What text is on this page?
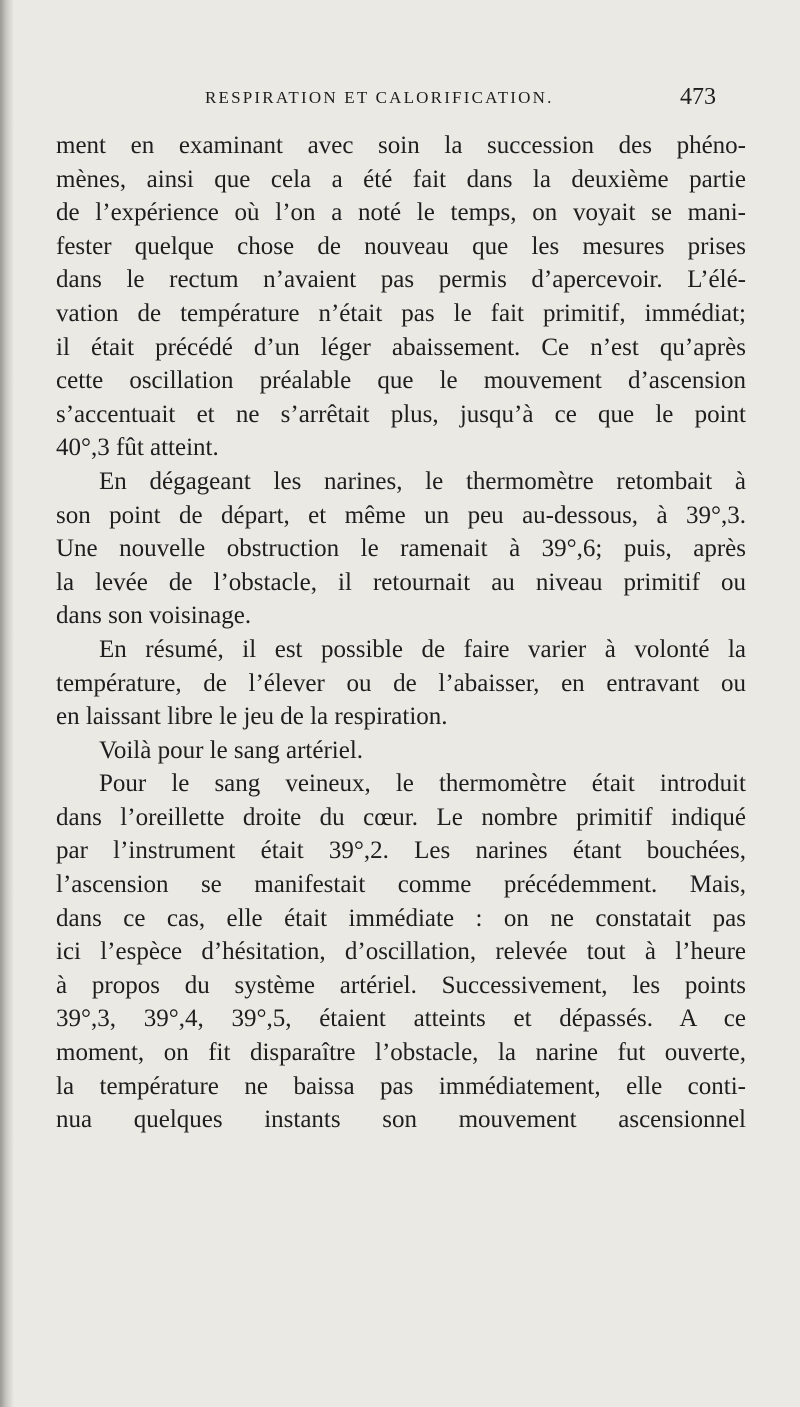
RESPIRATION ET CALORIFICATION.	473
ment en examinant avec soin la succession des phéno-
mènes, ainsi que cela a été fait dans la deuxième partie
de l’expérience où l’on a noté le temps, on voyait se mani-
fester quelque chose de nouveau que les mesures prises
dans le rectum n’avaient pas permis d’apercevoir. L’élé-
vation de température n’était pas le fait primitif, immédiat;
il était précédé d’un léger abaissement. Ce n’est qu’après
cette oscillation préalable que le mouvement d’ascension
s’accentuait et ne s’arrêtait plus, jusqu’à ce que le point
40°,3 fût atteint.
En dégageant les narines, le thermomètre retombait à
son point de départ, et même un peu au-dessous, à 39°,3.
Une nouvelle obstruction le ramenait à 39°,6; puis, après
la levée de l’obstacle, il retournait au niveau primitif ou
dans son voisinage.
En résumé, il est possible de faire varier à volonté la
température, de l’élever ou de l’abaisser, en entravant ou
en laissant libre le jeu de la respiration.
Voilà pour le sang artériel.
Pour le sang veineux, le thermomètre était introduit
dans l’oreillette droite du cœur. Le nombre primitif indiqué
par l’instrument était 39°,2. Les narines étant bouchées,
l’ascension se manifestait comme précédemment. Mais,
dans ce cas, elle était immédiate : on ne constatait pas
ici l’espèce d’hésitation, d’oscillation, relevée tout à l’heure
à propos du système artériel. Successivement, les points
39°,3, 39°,4, 39°,5, étaient atteints et dépassés. A ce
moment, on fit disparaître l’obstacle, la narine fut ouverte,
la température ne baissa pas immédiatement, elle conti-
nua quelques instants son mouvement ascensionnel
